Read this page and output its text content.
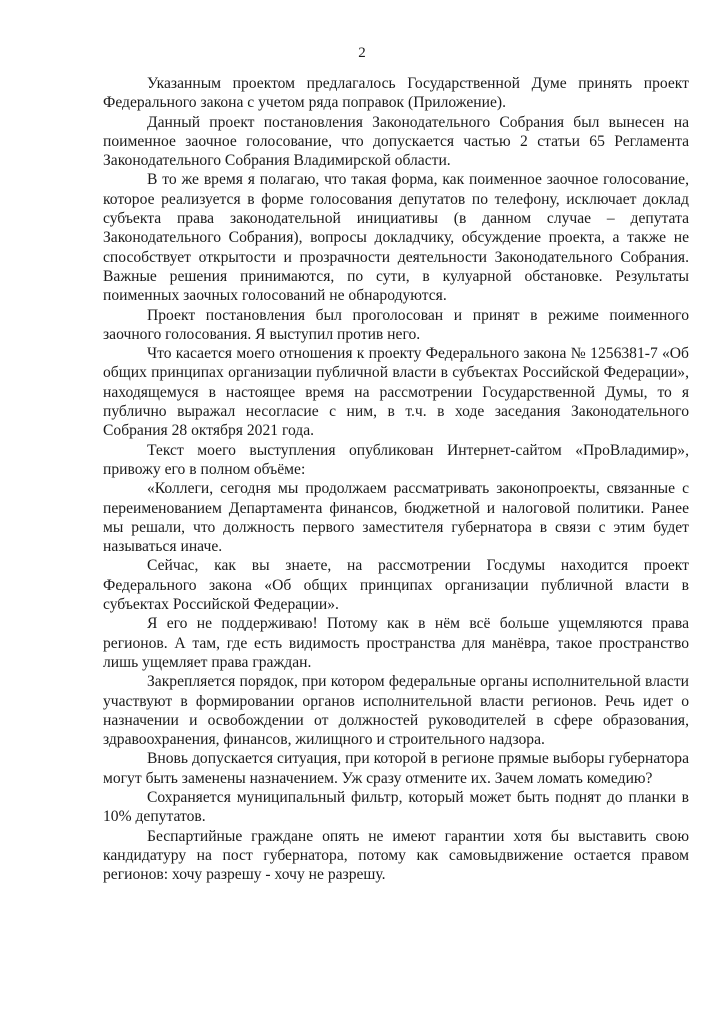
2

Указанным проектом предлагалось Государственной Думе принять проект Федерального закона с учетом ряда поправок (Приложение).

Данный проект постановления Законодательного Собрания был вынесен на поименное заочное голосование, что допускается частью 2 статьи 65 Регламента Законодательного Собрания Владимирской области.

В то же время я полагаю, что такая форма, как поименное заочное голосование, которое реализуется в форме голосования депутатов по телефону, исключает доклад субъекта права законодательной инициативы (в данном случае – депутата Законодательного Собрания), вопросы докладчику, обсуждение проекта, а также не способствует открытости и прозрачности деятельности Законодательного Собрания. Важные решения принимаются, по сути, в кулуарной обстановке. Результаты поименных заочных голосований не обнародуются.

Проект постановления был проголосован и принят в режиме поименного заочного голосования. Я выступил против него.

Что касается моего отношения к проекту Федерального закона № 1256381-7 «Об общих принципах организации публичной власти в субъектах Российской Федерации», находящемуся в настоящее время на рассмотрении Государственной Думы, то я публично выражал несогласие с ним, в т.ч. в ходе заседания Законодательного Собрания 28 октября 2021 года.

Текст моего выступления опубликован Интернет-сайтом «ПроВладимир», привожу его в полном объёме:

«Коллеги, сегодня мы продолжаем рассматривать законопроекты, связанные с переименованием Департамента финансов, бюджетной и налоговой политики. Ранее мы решали, что должность первого заместителя губернатора в связи с этим будет называться иначе.

Сейчас, как вы знаете, на рассмотрении Госдумы находится проект Федерального закона «Об общих принципах организации публичной власти в субъектах Российской Федерации».

Я его не поддерживаю! Потому как в нём всё больше ущемляются права регионов. А там, где есть видимость пространства для манёвра, такое пространство лишь ущемляет права граждан.

Закрепляется порядок, при котором федеральные органы исполнительной власти участвуют в формировании органов исполнительной власти регионов. Речь идет о назначении и освобождении от должностей руководителей в сфере образования, здравоохранения, финансов, жилищного и строительного надзора.

Вновь допускается ситуация, при которой в регионе прямые выборы губернатора могут быть заменены назначением. Уж сразу отмените их. Зачем ломать комедию?

Сохраняется муниципальный фильтр, который может быть поднят до планки в 10% депутатов.

Беспартийные граждане опять не имеют гарантии хотя бы выставить свою кандидатуру на пост губернатора, потому как самовыдвижение остается правом регионов: хочу разрешу - хочу не разрешу.
